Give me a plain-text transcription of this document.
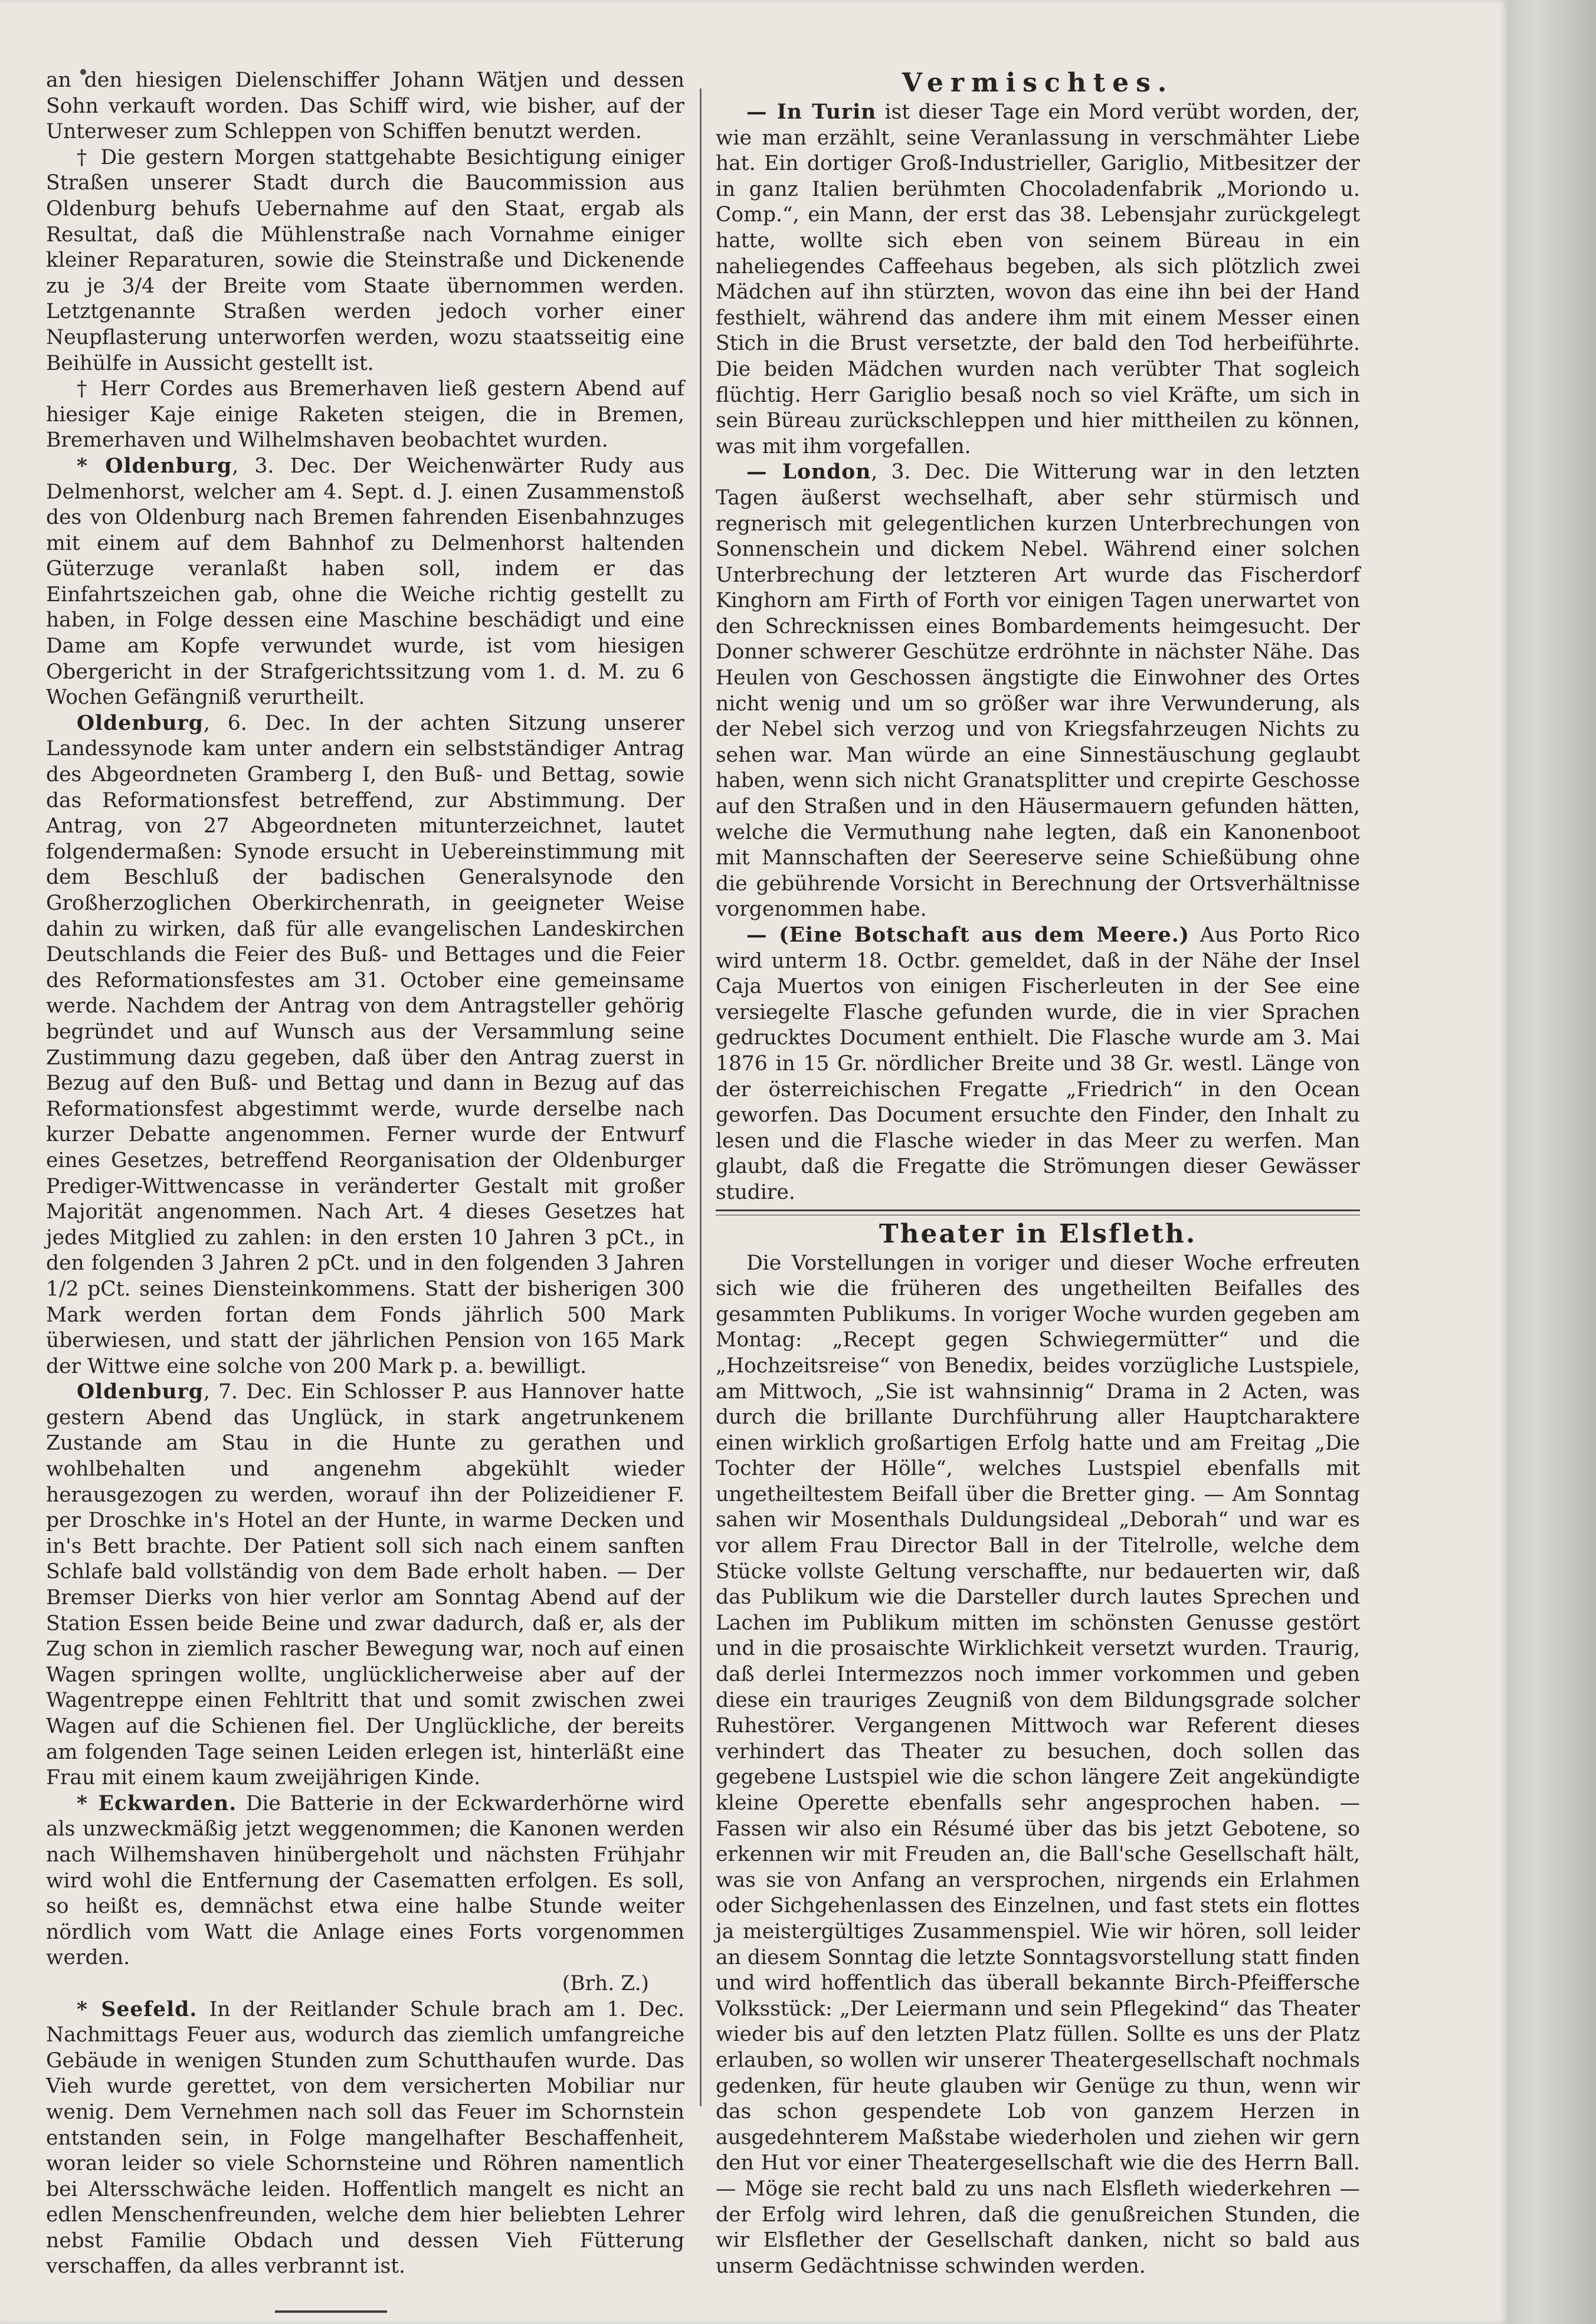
an den hiesigen Dielenschiffer Johann Wätjen und dessen Sohn verkauft worden. Das Schiff wird, wie bisher, auf der Unterweser zum Schleppen von Schiffen benutzt werden.

† Die gestern Morgen stattgehabte Besichtigung einiger Straßen unserer Stadt durch die Baucommission aus Oldenburg behufs Uebernahme auf den Staat, ergab als Resultat, daß die Mühlenstraße nach Vornahme einiger kleiner Reparaturen, sowie die Steinstraße und Dickenende zu je 3/4 der Breite vom Staate übernommen werden. Letztgenannte Straßen werden jedoch vorher einer Neupflasterung unterworfen werden, wozu staatsseitig eine Beihülfe in Aussicht gestellt ist.

† Herr Cordes aus Bremerhaven ließ gestern Abend auf hiesiger Kaje einige Raketen steigen, die in Bremen, Bremerhaven und Wilhelmshaven beobachtet wurden.

* Oldenburg, 3. Dec. Der Weichenwärter Rudy aus Delmenhorst, welcher am 4. Sept. d. J. einen Zusammenstoß des von Oldenburg nach Bremen fahrenden Eisenbahnzuges mit einem auf dem Bahnhof zu Delmenhorst haltenden Güterzuge veranlaßt haben soll, indem er das Einfahrtszeichen gab, ohne die Weiche richtig gestellt zu haben, in Folge dessen eine Maschine beschädigt und eine Dame am Kopfe verwundet wurde, ist vom hiesigen Obergericht in der Strafgerichtssitzung vom 1. d. M. zu 6 Wochen Gefängniß verurtheilt.

Oldenburg, 6. Dec. In der achten Sitzung unserer Landessynode kam unter andern ein selbstständiger Antrag des Abgeordneten Gramberg I, den Buß- und Bettag, sowie das Reformationsfest betreffend, zur Abstimmung. Der Antrag, von 27 Abgeordneten mitunterzeichnet, lautet folgendermaßen: Synode ersucht in Uebereinstimmung mit dem Beschluß der badischen Generalsynode den Großherzoglichen Oberkirchenrath, in geeigneter Weise dahin zu wirken, daß für alle evangelischen Landeskirchen Deutschlands die Feier des Buß- und Bettages und die Feier des Reformationsfestes am 31. October eine gemeinsame werde. Nachdem der Antrag von dem Antragsteller gehörig begründet und auf Wunsch aus der Versammlung seine Zustimmung dazu gegeben, daß über den Antrag zuerst in Bezug auf den Buß- und Bettag und dann in Bezug auf das Reformationsfest abgestimmt werde, wurde derselbe nach kurzer Debatte angenommen. Ferner wurde der Entwurf eines Gesetzes, betreffend Reorganisation der Oldenburger Prediger-Wittwencasse in veränderter Gestalt mit großer Majorität angenommen. Nach Art. 4 dieses Gesetzes hat jedes Mitglied zu zahlen: in den ersten 10 Jahren 3 pCt., in den folgenden 3 Jahren 2 pCt. und in den folgenden 3 Jahren 1/2 pCt. seines Diensteinkommens. Statt der bisherigen 300 Mark werden fortan dem Fonds jährlich 500 Mark überwiesen, und statt der jährlichen Pension von 165 Mark der Wittwe eine solche von 200 Mark p. a. bewilligt.

Oldenburg, 7. Dec. Ein Schlosser P. aus Hannover hatte gestern Abend das Unglück, in stark angetrunkenem Zustande am Stau in die Hunte zu gerathen und wohlbehalten und angenehm abgekühlt wieder herausgezogen zu werden, worauf ihn der Polizeidiener F. per Droschke in's Hotel an der Hunte, in warme Decken und in's Bett brachte. Der Patient soll sich nach einem sanften Schlafe bald vollständig von dem Bade erholt haben. — Der Bremser Dierks von hier verlor am Sonntag Abend auf der Station Essen beide Beine und zwar dadurch, daß er, als der Zug schon in ziemlich rascher Bewegung war, noch auf einen Wagen springen wollte, unglücklicherweise aber auf der Wagentreppe einen Fehltritt that und somit zwischen zwei Wagen auf die Schienen fiel. Der Unglückliche, der bereits am folgenden Tage seinen Leiden erlegen ist, hinterläßt eine Frau mit einem kaum zweijährigen Kinde.

* Eckwarden. Die Batterie in der Eckwarderhörne wird als unzweckmäßig jetzt weggenommen; die Kanonen werden nach Wilhemshaven hinübergeholt und nächsten Frühjahr wird wohl die Entfernung der Casematten erfolgen. Es soll, so heißt es, demnächst etwa eine halbe Stunde weiter nördlich vom Watt die Anlage eines Forts vorgenommen werden.

(Brh. Z.)

* Seefeld. In der Reitlander Schule brach am 1. Dec. Nachmittags Feuer aus, wodurch das ziemlich umfangreiche Gebäude in wenigen Stunden zum Schutthaufen wurde. Das Vieh wurde gerettet, von dem versicherten Mobiliar nur wenig. Dem Vernehmen nach soll das Feuer im Schornstein entstanden sein, in Folge mangelhafter Beschaffenheit, woran leider so viele Schornsteine und Röhren namentlich bei Altersschwäche leiden. Hoffentlich mangelt es nicht an edlen Menschenfreunden, welche dem hier beliebten Lehrer nebst Familie Obdach und dessen Vieh Fütterung verschaffen, da alles verbrannt ist.

Vermischtes.

— In Turin ist dieser Tage ein Mord verübt worden, der, wie man erzählt, seine Veranlassung in verschmähter Liebe hat. Ein dortiger Groß-Industrieller, Gariglio, Mitbesitzer der in ganz Italien berühmten Chocoladenfabrik „Moriondo u. Comp.“, ein Mann, der erst das 38. Lebensjahr zurückgelegt hatte, wollte sich eben von seinem Büreau in ein naheliegendes Caffeehaus begeben, als sich plötzlich zwei Mädchen auf ihn stürzten, wovon das eine ihn bei der Hand festhielt, während das andere ihm mit einem Messer einen Stich in die Brust versetzte, der bald den Tod herbeiführte. Die beiden Mädchen wurden nach verübter That sogleich flüchtig. Herr Gariglio besaß noch so viel Kräfte, um sich in sein Büreau zurückschleppen und hier mittheilen zu können, was mit ihm vorgefallen.

— London, 3. Dec. Die Witterung war in den letzten Tagen äußerst wechselhaft, aber sehr stürmisch und regnerisch mit gelegentlichen kurzen Unterbrechungen von Sonnenschein und dickem Nebel. Während einer solchen Unterbrechung der letzteren Art wurde das Fischerdorf Kinghorn am Firth of Forth vor einigen Tagen unerwartet von den Schrecknissen eines Bombardements heimgesucht. Der Donner schwerer Geschütze erdröhnte in nächster Nähe. Das Heulen von Geschossen ängstigte die Einwohner des Ortes nicht wenig und um so größer war ihre Verwunderung, als der Nebel sich verzog und von Kriegsfahrzeugen Nichts zu sehen war. Man würde an eine Sinnestäuschung geglaubt haben, wenn sich nicht Granatsplitter und crepirte Geschosse auf den Straßen und in den Häusermauern gefunden hätten, welche die Vermuthung nahe legten, daß ein Kanonenboot mit Mannschaften der Seereserve seine Schießübung ohne die gebührende Vorsicht in Berechnung der Ortsverhältnisse vorgenommen habe.

— (Eine Botschaft aus dem Meere.) Aus Porto Rico wird unterm 18. Octbr. gemeldet, daß in der Nähe der Insel Caja Muertos von einigen Fischerleuten in der See eine versiegelte Flasche gefunden wurde, die in vier Sprachen gedrucktes Document enthielt. Die Flasche wurde am 3. Mai 1876 in 15 Gr. nördlicher Breite und 38 Gr. westl. Länge von der österreichischen Fregatte „Friedrich“ in den Ocean geworfen. Das Document ersuchte den Finder, den Inhalt zu lesen und die Flasche wieder in das Meer zu werfen. Man glaubt, daß die Fregatte die Strömungen dieser Gewässer studire.

Theater in Elsfleth.

Die Vorstellungen in voriger und dieser Woche erfreuten sich wie die früheren des ungetheilten Beifalles des gesammten Publikums. In voriger Woche wurden gegeben am Montag: „Recept gegen Schwiegermütter“ und die „Hochzeitsreise“ von Benedix, beides vorzügliche Lustspiele, am Mittwoch, „Sie ist wahnsinnig“ Drama in 2 Acten, was durch die brillante Durchführung aller Hauptcharaktere einen wirklich großartigen Erfolg hatte und am Freitag „Die Tochter der Hölle“, welches Lustspiel ebenfalls mit ungetheiltestem Beifall über die Bretter ging. — Am Sonntag sahen wir Mosenthals Duldungsideal „Deborah“ und war es vor allem Frau Director Ball in der Titelrolle, welche dem Stücke vollste Geltung verschaffte, nur bedauerten wir, daß das Publikum wie die Darsteller durch lautes Sprechen und Lachen im Publikum mitten im schönsten Genusse gestört und in die prosaischte Wirklichkeit versetzt wurden. Traurig, daß derlei Intermezzos noch immer vorkommen und geben diese ein trauriges Zeugniß von dem Bildungsgrade solcher Ruhestörer. Vergangenen Mittwoch war Referent dieses verhindert das Theater zu besuchen, doch sollen das gegebene Lustspiel wie die schon längere Zeit angekündigte kleine Operette ebenfalls sehr angesprochen haben. — Fassen wir also ein Résumé über das bis jetzt Gebotene, so erkennen wir mit Freuden an, die Ball'sche Gesellschaft hält, was sie von Anfang an versprochen, nirgends ein Erlahmen oder Sichgehenlassen des Einzelnen, und fast stets ein flottes ja meistergültiges Zusammenspiel. Wie wir hören, soll leider an diesem Sonntag die letzte Sonntagsvorstellung statt finden und wird hoffentlich das überall bekannte Birch-Pfeiffersche Volksstück: „Der Leiermann und sein Pflegekind“ das Theater wieder bis auf den letzten Platz füllen. Sollte es uns der Platz erlauben, so wollen wir unserer Theatergesellschaft nochmals gedenken, für heute glauben wir Genüge zu thun, wenn wir das schon gespendete Lob von ganzem Herzen in ausgedehnterem Maßstabe wiederholen und ziehen wir gern den Hut vor einer Theatergesellschaft wie die des Herrn Ball. — Möge sie recht bald zu uns nach Elsfleth wiederkehren — der Erfolg wird lehren, daß die genußreichen Stunden, die wir Elsflether der Gesellschaft danken, nicht so bald aus unserm Gedächtnisse schwinden werden.
